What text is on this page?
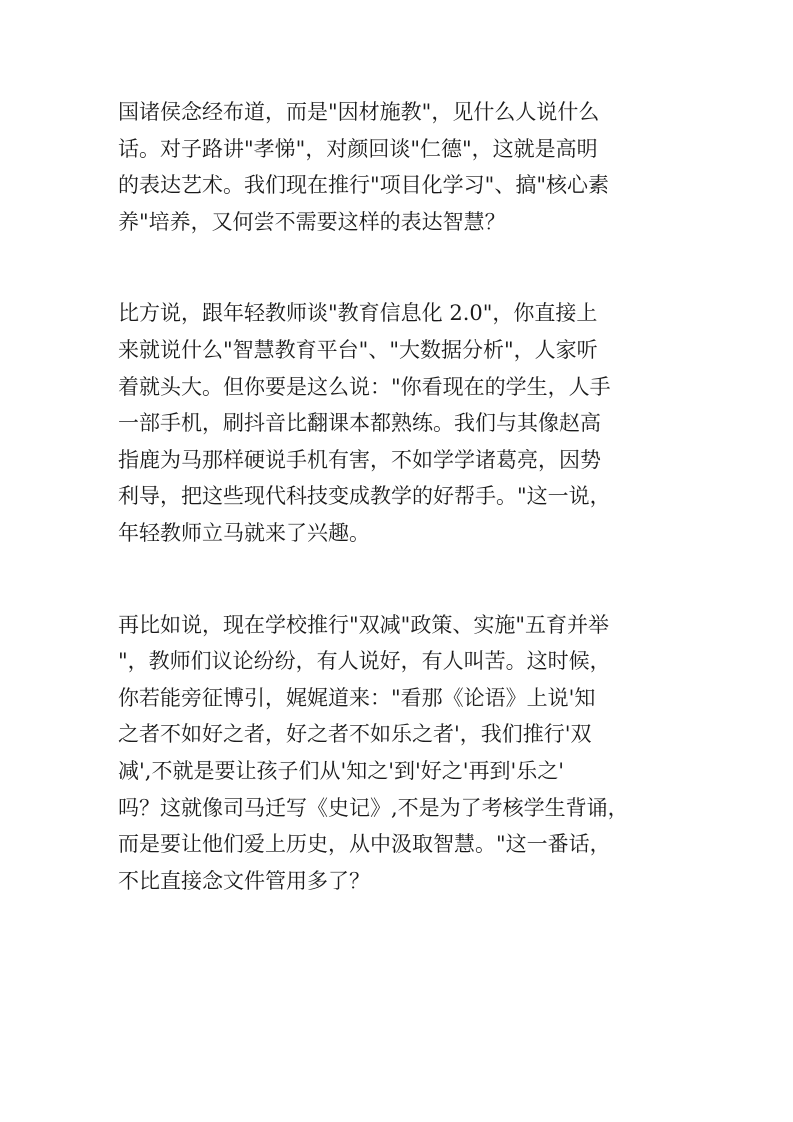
国诸侯念经布道，而是"因材施教"，见什么人说什么
话。对子路讲"孝悌"，对颜回谈"仁德"，这就是高明
的表达艺术。我们现在推行"项目化学习"、搞"核心素
养"培养，又何尝不需要这样的表达智慧？

比方说，跟年轻教师谈"教育信息化 2.0"，你直接上
来就说什么"智慧教育平台"、"大数据分析"，人家听
着就头大。但你要是这么说："你看现在的学生，人手
一部手机，刷抖音比翻课本都熟练。我们与其像赵高
指鹿为马那样硬说手机有害，不如学学诸葛亮，因势
利导，把这些现代科技变成教学的好帮手。"这一说，
年轻教师立马就来了兴趣。

再比如说，现在学校推行"双减"政策、实施"五育并举
"，教师们议论纷纷，有人说好，有人叫苦。这时候，
你若能旁征博引，娓娓道来："看那《论语》上说'知
之者不如好之者，好之者不如乐之者'，我们推行'双
减',不就是要让孩子们从'知之'到'好之'再到'乐之'
吗？这就像司马迁写《史记》,不是为了考核学生背诵，
而是要让他们爱上历史，从中汲取智慧。"这一番话，
不比直接念文件管用多了？
